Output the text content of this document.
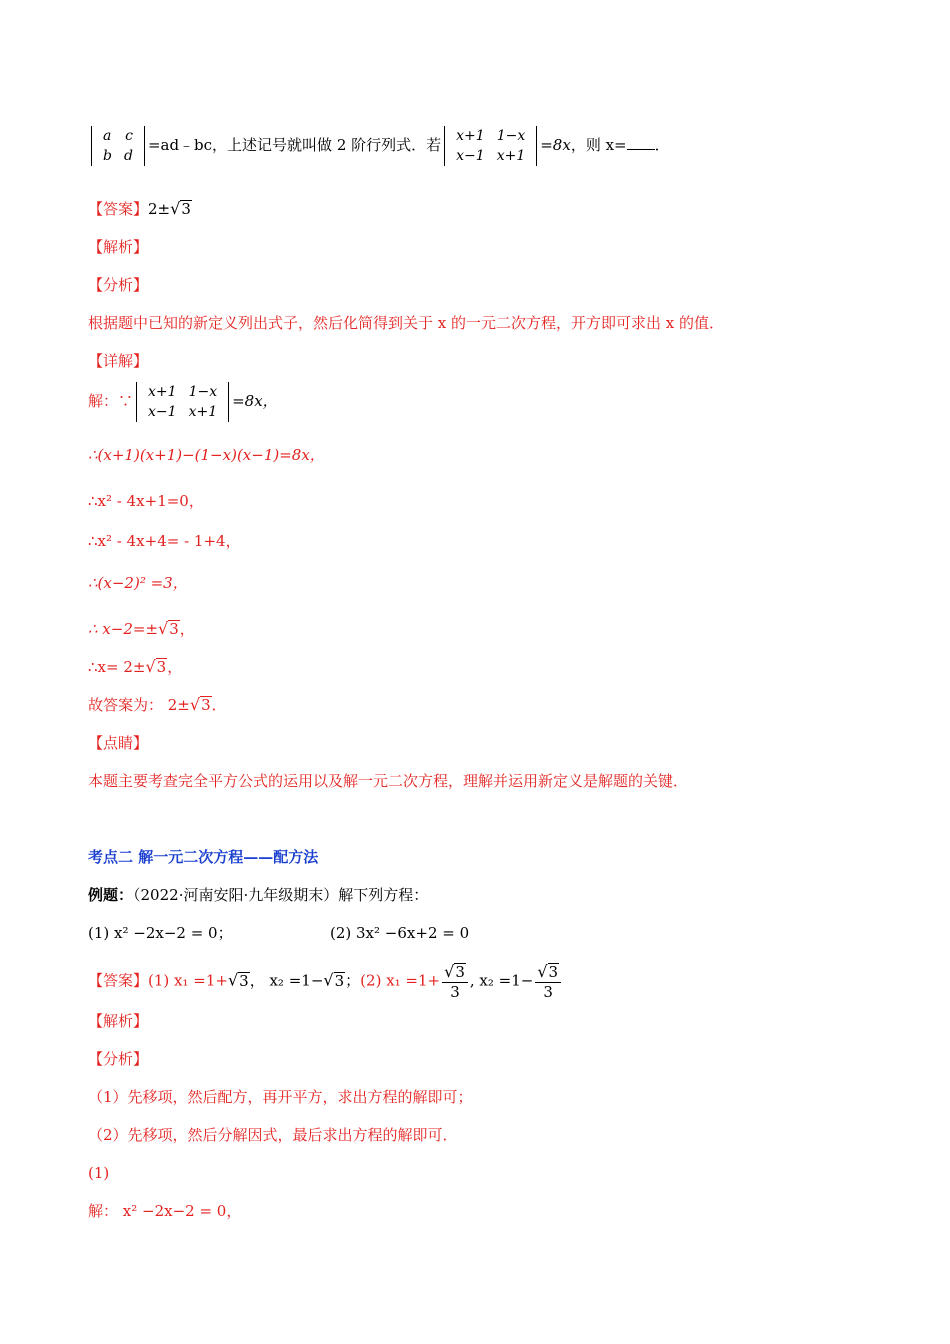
a	c
b	d
=ad﹣bc，上述记号就叫做 2 阶行列式．若 x+1	1−x
x−1	x+1
=8x，则 x= ．
【答案】2±√3
【解析】
【分析】
根据题中已知的新定义列出式子，然后化简得到关于 x 的一元二次方程，开方即可求出 x 的值．
【详解】
解：∵ x+1	1−x
x−1	x+1
=8x，
∴(x+1)(x+1)−(1−x)(x−1)=8x，
∴x² - 4x+1=0，
∴x² - 4x+4= - 1+4，
∴(x−2)² =3，
∴ x−2=±√3，
∴x= 2±√3，
故答案为： 2±√3．
【点睛】
本题主要考查完全平方公式的运用以及解一元二次方程，理解并运用新定义是解题的关键．
考点二 解一元二次方程——配方法
例题：（2022·河南安阳·九年级期末）解下列方程：
(1) x² −2x−2 = 0；	(2) 3x² −6x+2 = 0
【答案】(1) x₁ =1+√3， x₂ =1−√3；(2) $x_1 =1+ \frac{√3}{3}$ , $x_2 =1- \frac{√3}{3}$
【解析】
【分析】
（1）先移项，然后配方，再开平方，求出方程的解即可；
（2）先移项，然后分解因式，最后求出方程的解即可．
(1)
解： x² −2x−2 = 0，
